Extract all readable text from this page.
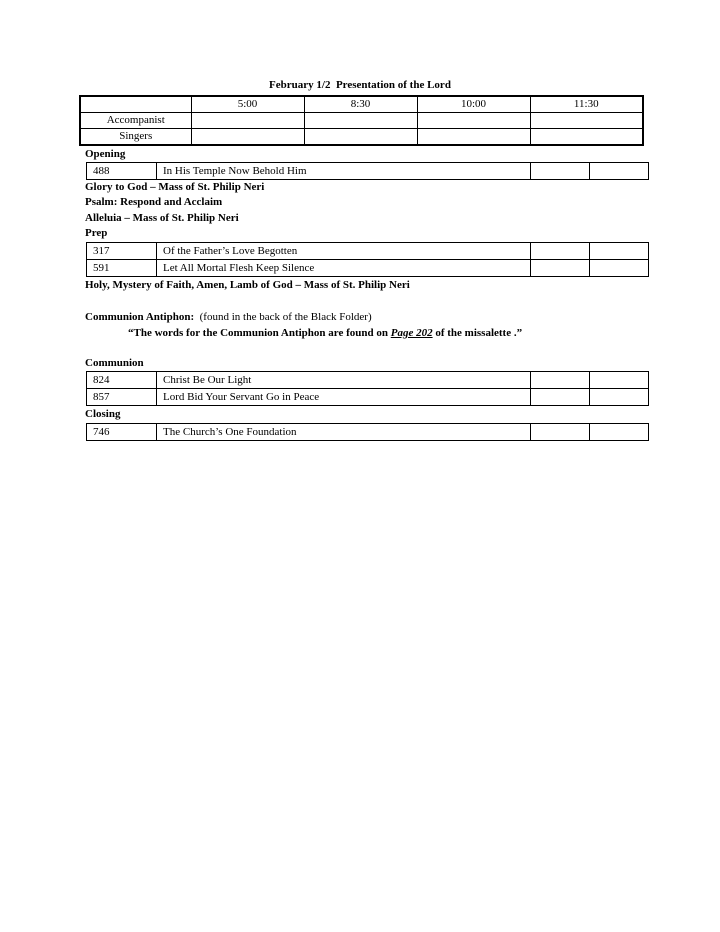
February 1/2  Presentation of the Lord
	5:00	8:30	10:00	11:30
Accompanist				
Singers				
Opening
488	In His Temple Now Behold Him		
Glory to God – Mass of St. Philip Neri
Psalm: Respond and Acclaim
Alleluia – Mass of St. Philip Neri
Prep
317	Of the Father’s Love Begotten		
591	Let All Mortal Flesh Keep Silence		
Holy, Mystery of Faith, Amen, Lamb of God – Mass of St. Philip Neri
Communion Antiphon: (found in the back of the Black Folder)
“The words for the Communion Antiphon are found on Page 202 of the missalette .”
Communion
824	Christ Be Our Light		
857	Lord Bid Your Servant Go in Peace		
Closing
746	The Church’s One Foundation		
